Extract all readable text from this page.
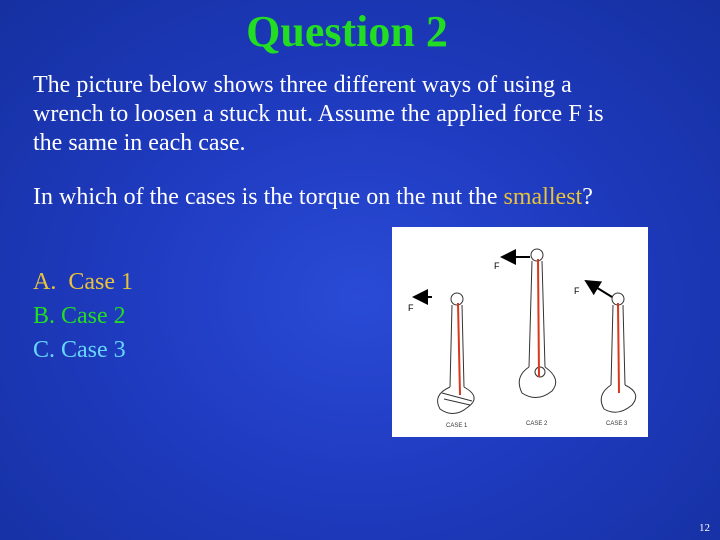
Question 2
The picture below shows three different ways of using a wrench to loosen a stuck nut. Assume the applied force F is the same in each case.
In which of the cases is the torque on the nut the smallest?
A.  Case 1
B. Case 2
C. Case 3
F
CASE 1
F
CASE 2
F
CASE 3
12
